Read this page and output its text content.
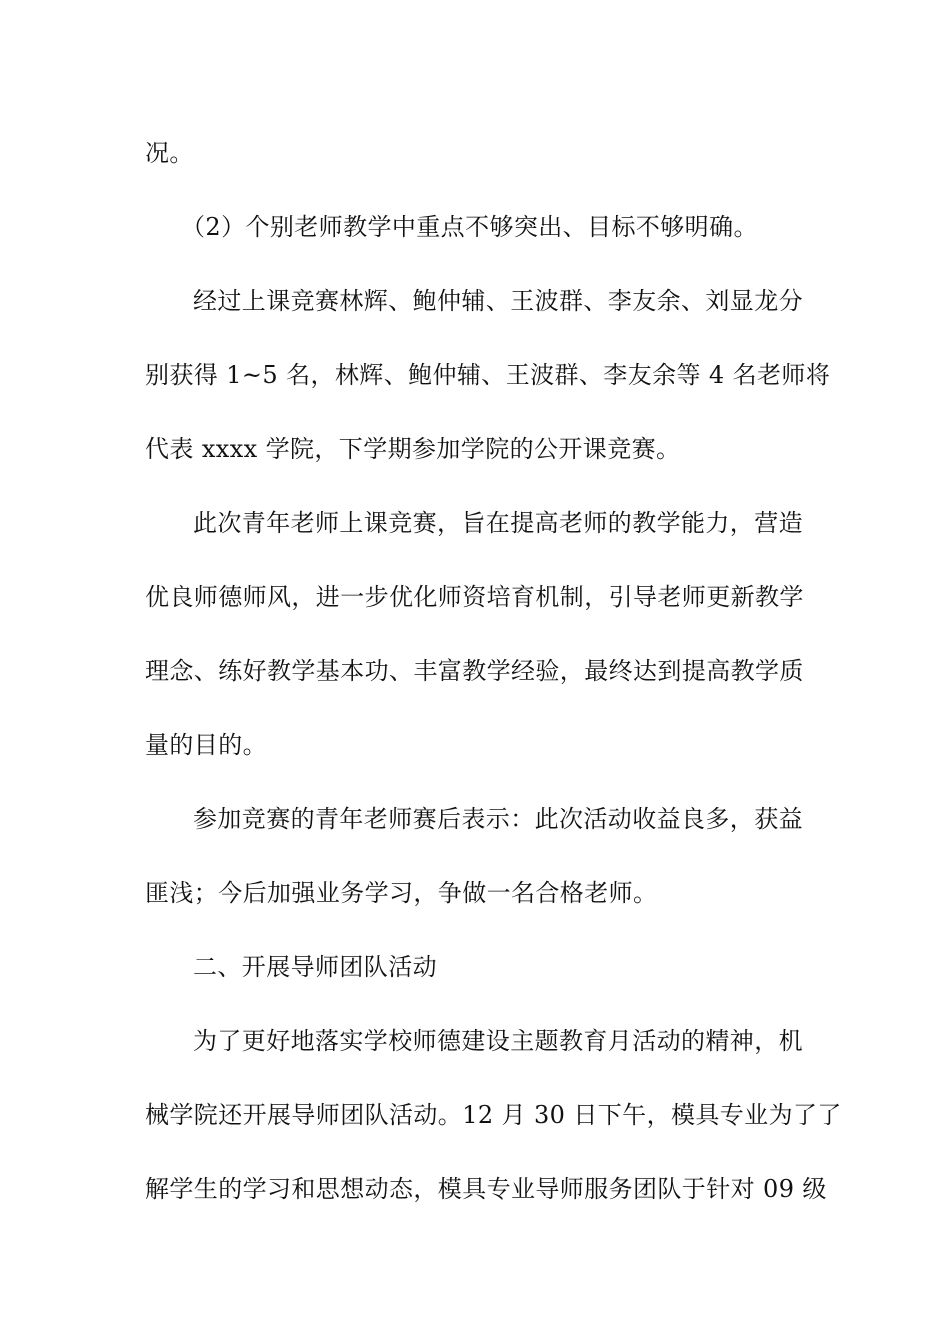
况。
（2）个别老师教学中重点不够突出、目标不够明确。
经过上课竞赛林辉、鲍仲辅、王波群、李友余、刘显龙分
别获得 1~5 名，林辉、鲍仲辅、王波群、李友余等 4 名老师将
代表 xxxx 学院，下学期参加学院的公开课竞赛。
此次青年老师上课竞赛，旨在提高老师的教学能力，营造
优良师德师风，进一步优化师资培育机制，引导老师更新教学
理念、练好教学基本功、丰富教学经验，最终达到提高教学质
量的目的。
参加竞赛的青年老师赛后表示：此次活动收益良多，获益
匪浅；今后加强业务学习，争做一名合格老师。
二、开展导师团队活动
为了更好地落实学校师德建设主题教育月活动的精神，机
械学院还开展导师团队活动。12 月 30 日下午，模具专业为了了
解学生的学习和思想动态，模具专业导师服务团队于针对 09 级
